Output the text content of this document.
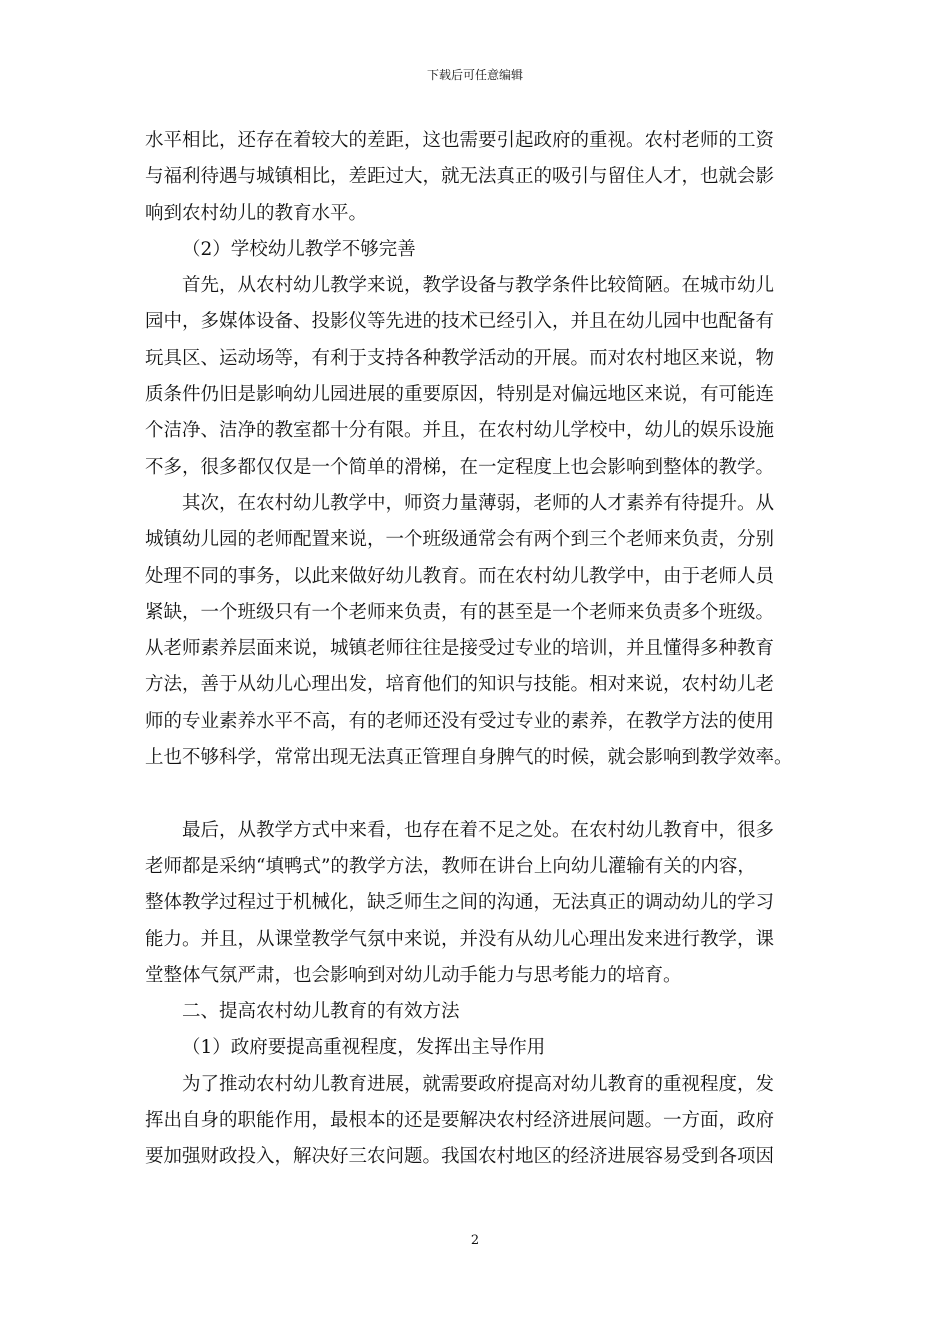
下载后可任意编辑
水平相比，还存在着较大的差距，这也需要引起政府的重视。农村老师的工资
与福利待遇与城镇相比，差距过大，就无法真正的吸引与留住人才，也就会影
响到农村幼儿的教育水平。
（2）学校幼儿教学不够完善
首先，从农村幼儿教学来说，教学设备与教学条件比较简陋。在城市幼儿
园中，多媒体设备、投影仪等先进的技术已经引入，并且在幼儿园中也配备有
玩具区、运动场等，有利于支持各种教学活动的开展。而对农村地区来说，物
质条件仍旧是影响幼儿园进展的重要原因，特别是对偏远地区来说，有可能连
个洁净、洁净的教室都十分有限。并且，在农村幼儿学校中，幼儿的娱乐设施
不多，很多都仅仅是一个简单的滑梯，在一定程度上也会影响到整体的教学。
其次，在农村幼儿教学中，师资力量薄弱，老师的人才素养有待提升。从
城镇幼儿园的老师配置来说，一个班级通常会有两个到三个老师来负责，分别
处理不同的事务，以此来做好幼儿教育。而在农村幼儿教学中，由于老师人员
紧缺，一个班级只有一个老师来负责，有的甚至是一个老师来负责多个班级。
从老师素养层面来说，城镇老师往往是接受过专业的培训，并且懂得多种教育
方法，善于从幼儿心理出发，培育他们的知识与技能。相对来说，农村幼儿老
师的专业素养水平不高，有的老师还没有受过专业的素养，在教学方法的使用
上也不够科学，常常出现无法真正管理自身脾气的时候，就会影响到教学效率。
最后，从教学方式中来看，也存在着不足之处。在农村幼儿教育中，很多
老师都是采纳“填鸭式”的教学方法，教师在讲台上向幼儿灌输有关的内容，
整体教学过程过于机械化，缺乏师生之间的沟通，无法真正的调动幼儿的学习
能力。并且，从课堂教学气氛中来说，并没有从幼儿心理出发来进行教学，课
堂整体气氛严肃，也会影响到对幼儿动手能力与思考能力的培育。
二、提高农村幼儿教育的有效方法
（1）政府要提高重视程度，发挥出主导作用
为了推动农村幼儿教育进展，就需要政府提高对幼儿教育的重视程度，发
挥出自身的职能作用，最根本的还是要解决农村经济进展问题。一方面，政府
要加强财政投入，解决好三农问题。我国农村地区的经济进展容易受到各项因
2
